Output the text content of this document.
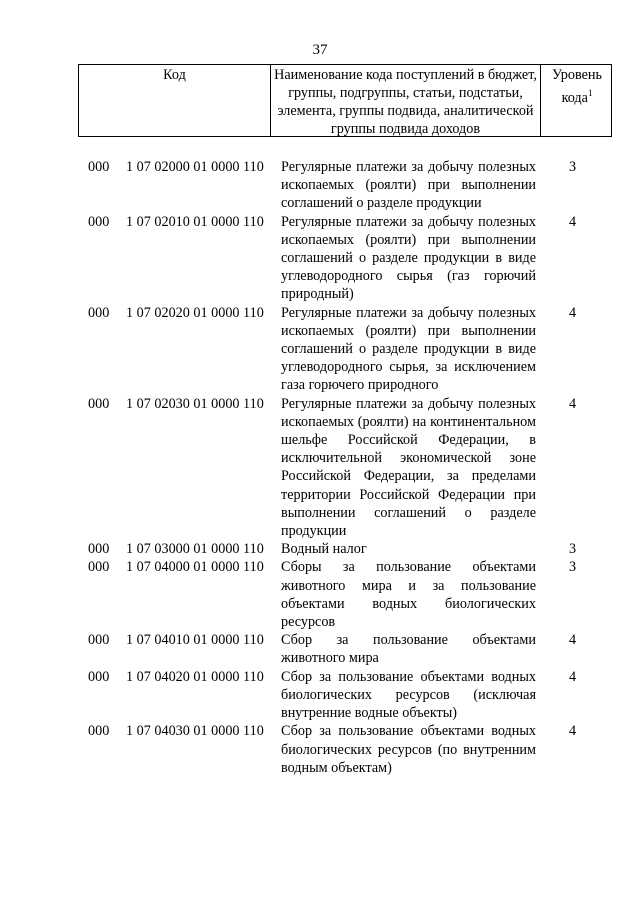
37
Код	Наименование кода поступлений в бюджет, группы, подгруппы, статьи, подстатьи, элемента, группы подвида, аналитической группы подвида доходов
Уровень кода$^1$
000 1 07 02000 01 0000 110 Регулярные платежи за добычу полезных ископаемых (роялти) при выполнении соглашений о разделе продукции
3
000 1 07 02010 01 0000 110 Регулярные платежи за добычу полезных ископаемых (роялти) при выполнении соглашений о разделе продукции в виде углеводородного сырья (газ горючий природный)
4
000 1 07 02020 01 0000 110 Регулярные платежи за добычу полезных ископаемых (роялти) при выполнении соглашений о разделе продукции в виде углеводородного сырья, за исключением газа горючего природного
4
000 1 07 02030 01 0000 110 Регулярные платежи за добычу полезных ископаемых (роялти) на континентальном шельфе Российской Федерации, в исключительной экономической зоне Российской Федерации, за пределами территории Российской Федерации при выполнении соглашений о разделе продукции
4
000 1 07 03000 01 0000 110 Водный налог	3
000 1 07 04000 01 0000 110 Сборы за пользование объектами животного мира и за пользование объектами водных биологических ресурсов
3
000 1 07 04010 01 0000 110 Сбор за пользование объектами животного мира
4
000 1 07 04020 01 0000 110 Сбор за пользование объектами водных биологических ресурсов (исключая внутренние водные объекты)
4
000 1 07 04030 01 0000 110 Сбор за пользование объектами водных биологических ресурсов (по внутренним водным объектам)
4
